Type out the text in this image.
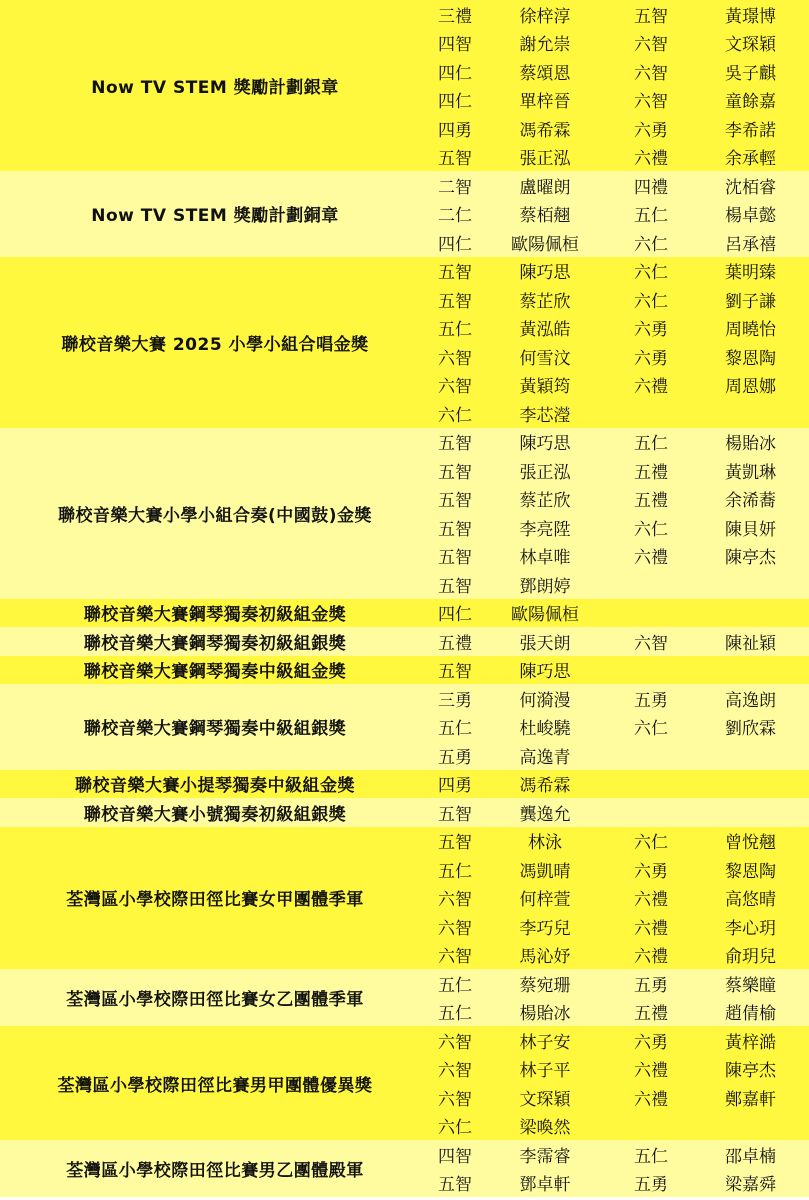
Now TV STEM 獎勵計劃銀章
三禮	徐梓淳	五智	黃璟博
四智	謝允崇	六智	文琛穎
四仁	蔡頌恩	六智	吳子麒
四仁	單梓晉	六智	童餘嘉
四勇	馮希霖	六勇	李希諾
五智	張正泓	六禮	余承輕
Now TV STEM 獎勵計劃銅章
二智	盧曜朗	四禮	沈栢睿
二仁	蔡栢翹	五仁	楊卓懿
四仁	歐陽佩桓	六仁	呂承禧
聯校音樂大賽 2025 小學小組合唱金獎
五智	陳巧思	六仁	葉明臻
五智	蔡芷欣	六仁	劉子謙
五仁	黃泓皓	六勇	周曉怡
六智	何雪汶	六勇	黎恩陶
六智	黃穎筠	六禮	周恩娜
六仁	李芯瀅
聯校音樂大賽小學小組合奏(中國鼓)金獎
五智	陳巧思	五仁	楊貽冰
五智	張正泓	五禮	黃凱琳
五智	蔡芷欣	五禮	余浠蕎
五智	李亮陞	六仁	陳貝妍
五智	林卓唯	六禮	陳亭杰
五智	鄧朗婷
聯校音樂大賽鋼琴獨奏初級組金獎	四仁	歐陽佩桓
聯校音樂大賽鋼琴獨奏初級組銀獎	五禮	張天朗	六智	陳祉穎
聯校音樂大賽鋼琴獨奏中級組金獎	五智	陳巧思
聯校音樂大賽鋼琴獨奏中級組銀獎
三勇	何漪漫	五勇	高逸朗
五仁	杜峻驍	六仁	劉欣霖
五勇	高逸青
聯校音樂大賽小提琴獨奏中級組金獎	四勇	馮希霖
聯校音樂大賽小號獨奏初級組銀獎	五智	龔逸允
荃灣區小學校際田徑比賽女甲團體季軍
五智	林泳	六仁	曾悅翹
五仁	馮凱晴	六勇	黎恩陶
六智	何梓萱	六禮	高悠晴
六智	李巧兒	六禮	李心玥
六智	馬沁妤	六禮	俞玥兒
荃灣區小學校際田徑比賽女乙團體季軍
五仁	蔡宛珊	五勇	蔡樂瞳
五仁	楊貽冰	五禮	趙倩榆
荃灣區小學校際田徑比賽男甲團體優異獎
六智	林子安	六勇	黃梓澔
六智	林子平	六禮	陳亭杰
六智	文琛穎	六禮	鄭嘉軒
六仁	梁喚然
荃灣區小學校際田徑比賽男乙團體殿軍
四智	李霈睿	五仁	邵卓楠
五智	鄧卓軒	五勇	梁嘉舜
